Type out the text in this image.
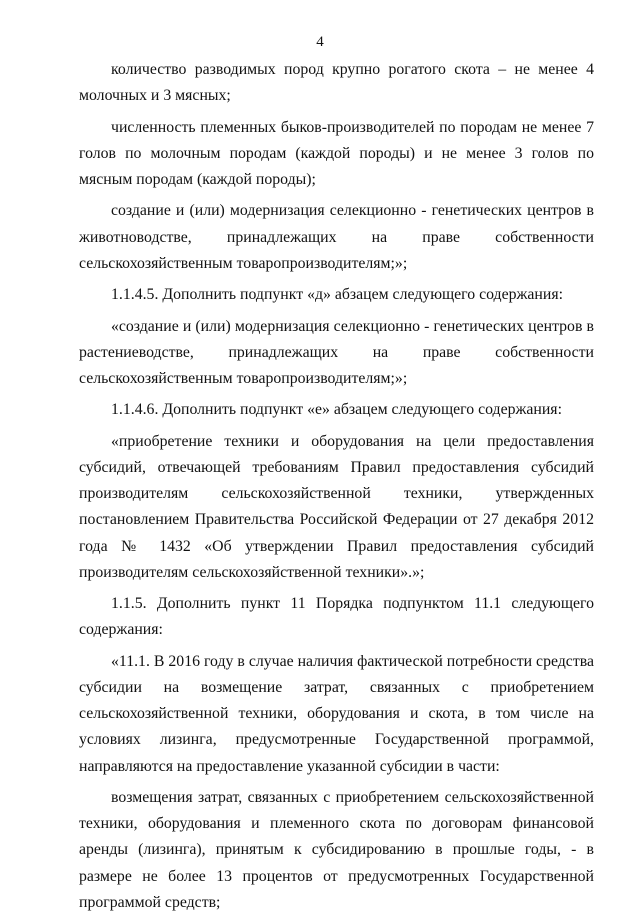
4

количество разводимых пород крупно рогатого скота – не менее 4 молочных и 3 мясных;

численность племенных быков-производителей по породам не менее 7 голов по молочным породам (каждой породы) и не менее 3 голов по мясным породам (каждой породы);

создание и (или) модернизация селекционно - генетических центров в животноводстве, принадлежащих на праве собственности сельскохозяйственным товаропроизводителям;»;

1.1.4.5. Дополнить подпункт «д» абзацем следующего содержания:

«создание и (или) модернизация селекционно - генетических центров в растениеводстве, принадлежащих на праве собственности сельскохозяйственным товаропроизводителям;»;

1.1.4.6. Дополнить подпункт «е» абзацем следующего содержания:

«приобретение техники и оборудования на цели предоставления субсидий, отвечающей требованиям Правил предоставления субсидий производителям сельскохозяйственной техники, утвержденных постановлением Правительства Российской Федерации от 27 декабря 2012 года № 1432 «Об утверждении Правил предоставления субсидий производителям сельскохозяйственной техники».»;

1.1.5. Дополнить пункт 11 Порядка подпунктом 11.1 следующего содержания:

«11.1. В 2016 году в случае наличия фактической потребности средства субсидии на возмещение затрат, связанных с приобретением сельскохозяйственной техники, оборудования и скота, в том числе на условиях лизинга, предусмотренные Государственной программой, направляются на предоставление указанной субсидии в части:

возмещения затрат, связанных с приобретением сельскохозяйственной техники, оборудования и племенного скота по договорам финансовой аренды (лизинга), принятым к субсидированию в прошлые годы, - в размере не более 13 процентов от предусмотренных Государственной программой средств;
